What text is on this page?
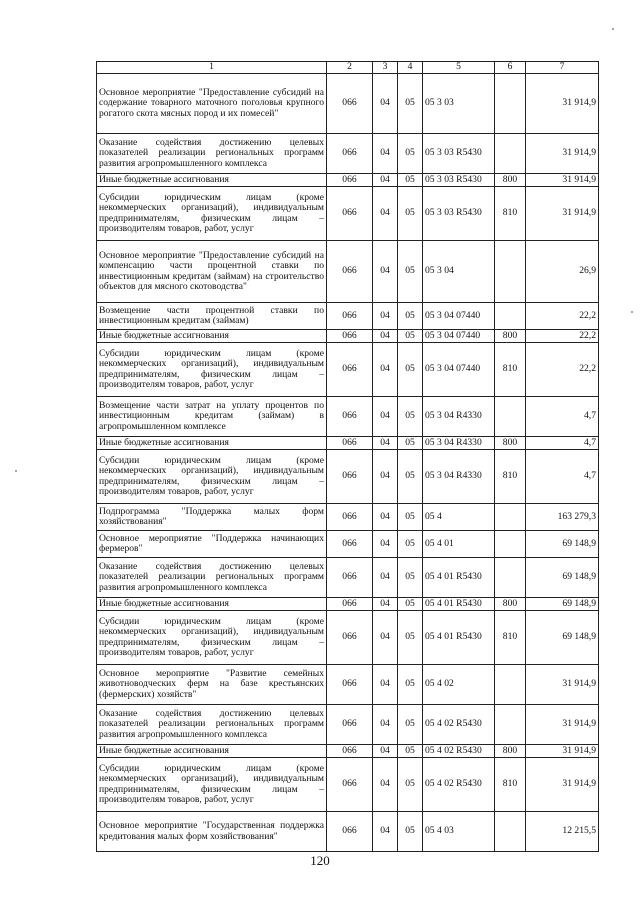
1	2	3	4	5	6	7
Основное мероприятие "Предоставление субсидий на содержание товарного маточного поголовья крупного рогатого скота мясных пород и их помесей"	066	04	05	05 3 03		31 914,9
Оказание содействия достижению целевых показателей реализации региональных программ развития агропромышленного комплекса	066	04	05	05 3 03 R5430		31 914,9
Иные бюджетные ассигнования	066	04	05	05 3 03 R5430	800	31 914,9
Субсидии юридическим лицам (кроме некоммерческих организаций), индивидуальным предпринимателям, физическим лицам – производителям товаров, работ, услуг	066	04	05	05 3 03 R5430	810	31 914,9
Основное мероприятие "Предоставление субсидий на компенсацию части процентной ставки по инвестиционным кредитам (займам) на строительство объектов для мясного скотоводства"	066	04	05	05 3 04		26,9
Возмещение части процентной ставки по инвестиционным кредитам (займам)	066	04	05	05 3 04 07440		22,2
Иные бюджетные ассигнования	066	04	05	05 3 04 07440	800	22,2
Субсидии юридическим лицам (кроме некоммерческих организаций), индивидуальным предпринимателям, физическим лицам – производителям товаров, работ, услуг	066	04	05	05 3 04 07440	810	22,2
Возмещение части затрат на уплату процентов по инвестиционным кредитам (займам) в агропромышленном комплексе	066	04	05	05 3 04 R4330		4,7
Иные бюджетные ассигнования	066	04	05	05 3 04 R4330	800	4,7
Субсидии юридическим лицам (кроме некоммерческих организаций), индивидуальным предпринимателям, физическим лицам – производителям товаров, работ, услуг	066	04	05	05 3 04 R4330	810	4,7
Подпрограмма "Поддержка малых форм хозяйствования"	066	04	05	05 4		163 279,3
Основное мероприятие "Поддержка начинающих фермеров"	066	04	05	05 4 01		69 148,9
Оказание содействия достижению целевых показателей реализации региональных программ развития агропромышленного комплекса	066	04	05	05 4 01 R5430		69 148,9
Иные бюджетные ассигнования	066	04	05	05 4 01 R5430	800	69 148,9
Субсидии юридическим лицам (кроме некоммерческих организаций), индивидуальным предпринимателям, физическим лицам – производителям товаров, работ, услуг	066	04	05	05 4 01 R5430	810	69 148,9
Основное мероприятие "Развитие семейных животноводческих ферм на базе крестьянских (фермерских) хозяйств"	066	04	05	05 4 02		31 914,9
Оказание содействия достижению целевых показателей реализации региональных программ развития агропромышленного комплекса	066	04	05	05 4 02 R5430		31 914,9
Иные бюджетные ассигнования	066	04	05	05 4 02 R5430	800	31 914,9
Субсидии юридическим лицам (кроме некоммерческих организаций), индивидуальным предпринимателям, физическим лицам – производителям товаров, работ, услуг	066	04	05	05 4 02 R5430	810	31 914,9
Основное мероприятие "Государственная поддержка кредитования малых форм хозяйствования"	066	04	05	05 4 03		12 215,5
120
